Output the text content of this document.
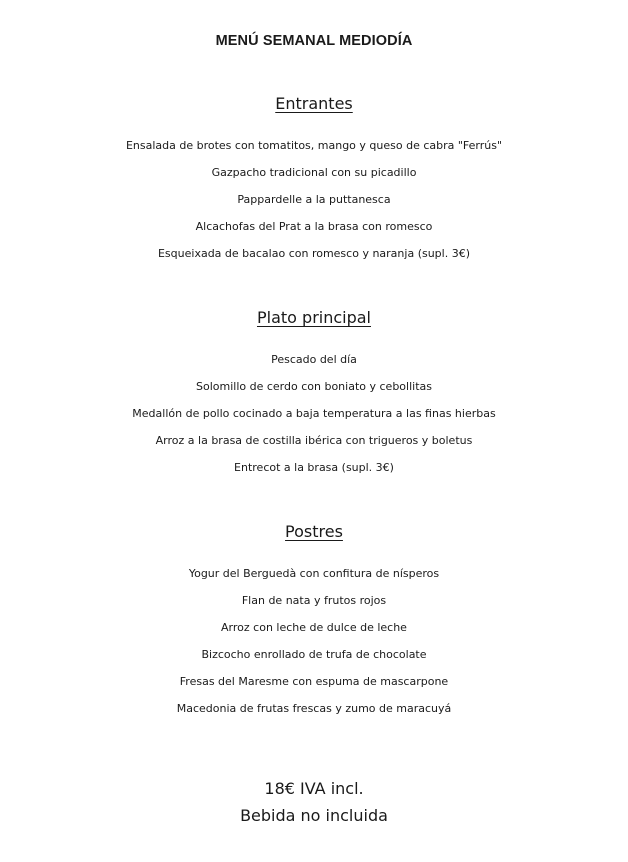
MENÚ SEMANAL MEDIODÍA
Entrantes
Ensalada de brotes con tomatitos, mango y queso de cabra "Ferrús"
Gazpacho tradicional con su picadillo
Pappardelle a la puttanesca
Alcachofas del Prat a la brasa con romesco
Esqueixada de bacalao con romesco y naranja (supl. 3€)
Plato principal
Pescado del día
Solomillo de cerdo con boniato y cebollitas
Medallón de pollo cocinado a baja temperatura a las finas hierbas
Arroz a la brasa de costilla ibérica con trigueros y boletus
Entrecot a la brasa (supl. 3€)
Postres
Yogur del Berguedà con confitura de nísperos
Flan de nata y frutos rojos
Arroz con leche de dulce de leche
Bizcocho enrollado de trufa de chocolate
Fresas del Maresme con espuma de mascarpone
Macedonia de frutas frescas y zumo de maracuyá
18€ IVA incl.
Bebida no incluida
